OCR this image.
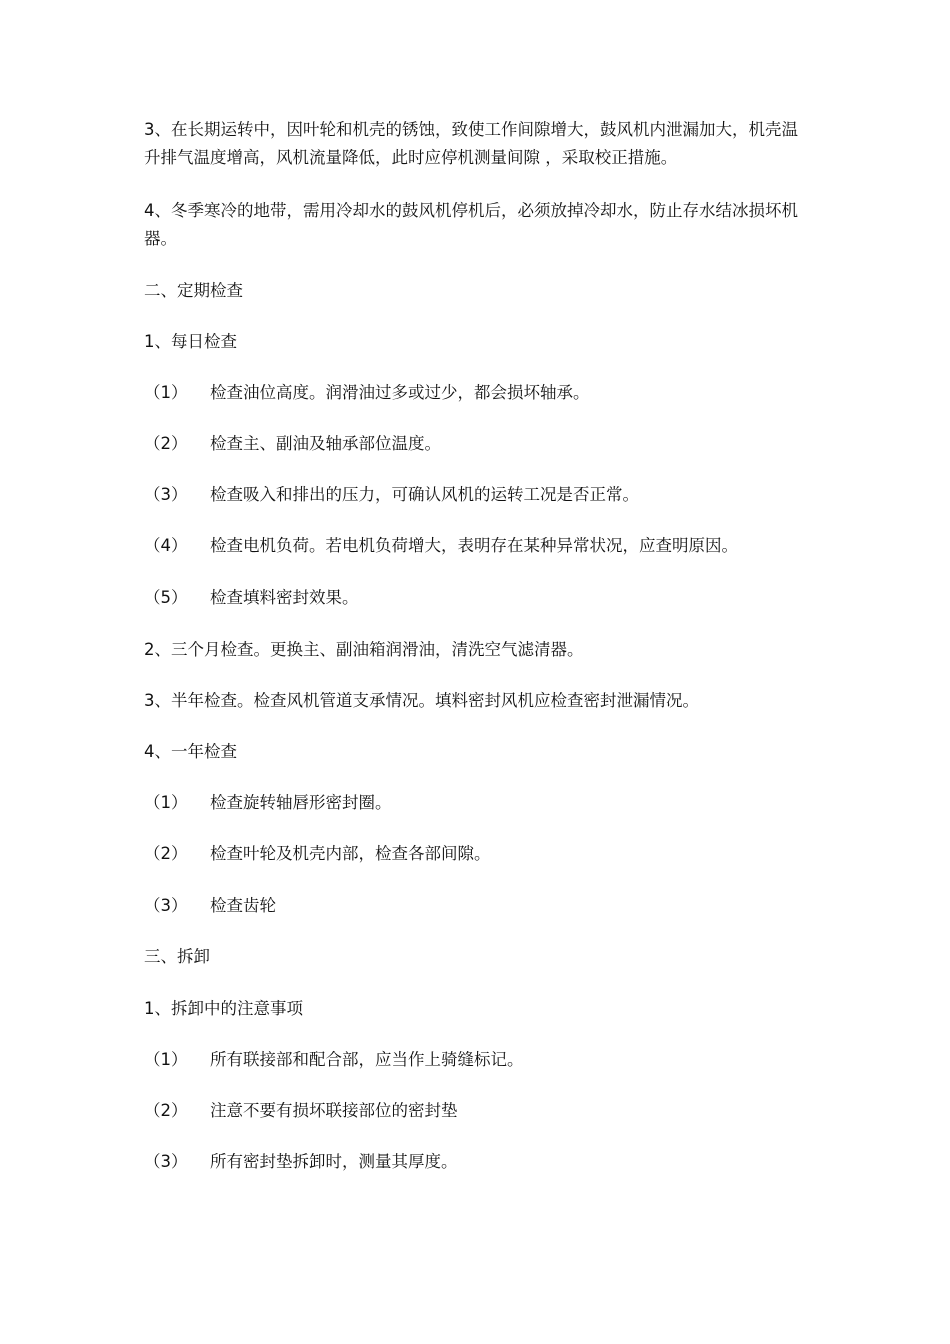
3、在长期运转中，因叶轮和机壳的锈蚀，致使工作间隙增大，鼓风机内泄漏加大，机壳温升排气温度增高，风机流量降低，此时应停机测量间隙 ，采取校正措施。

4、冬季寒冷的地带，需用冷却水的鼓风机停机后，必须放掉冷却水，防止存水结冰损坏机器。

二、定期检查
1、每日检查
（1）	检查油位高度。润滑油过多或过少，都会损坏轴承。
（2）	检查主、副油及轴承部位温度。
（3）	检查吸入和排出的压力，可确认风机的运转工况是否正常。
（4）	检查电机负荷。若电机负荷增大，表明存在某种异常状况，应查明原因。
（5）	检查填料密封效果。
2、三个月检查。更换主、副油箱润滑油，清洗空气滤清器。
3、半年检查。检查风机管道支承情况。填料密封风机应检查密封泄漏情况。
4、一年检查
（1）	检查旋转轴唇形密封圈。
（2）	检查叶轮及机壳内部，检查各部间隙。
（3）	检查齿轮
三、拆卸
1、拆卸中的注意事项
（1）	所有联接部和配合部，应当作上骑缝标记。
（2）	注意不要有损坏联接部位的密封垫
（3）	所有密封垫拆卸时，测量其厚度。
